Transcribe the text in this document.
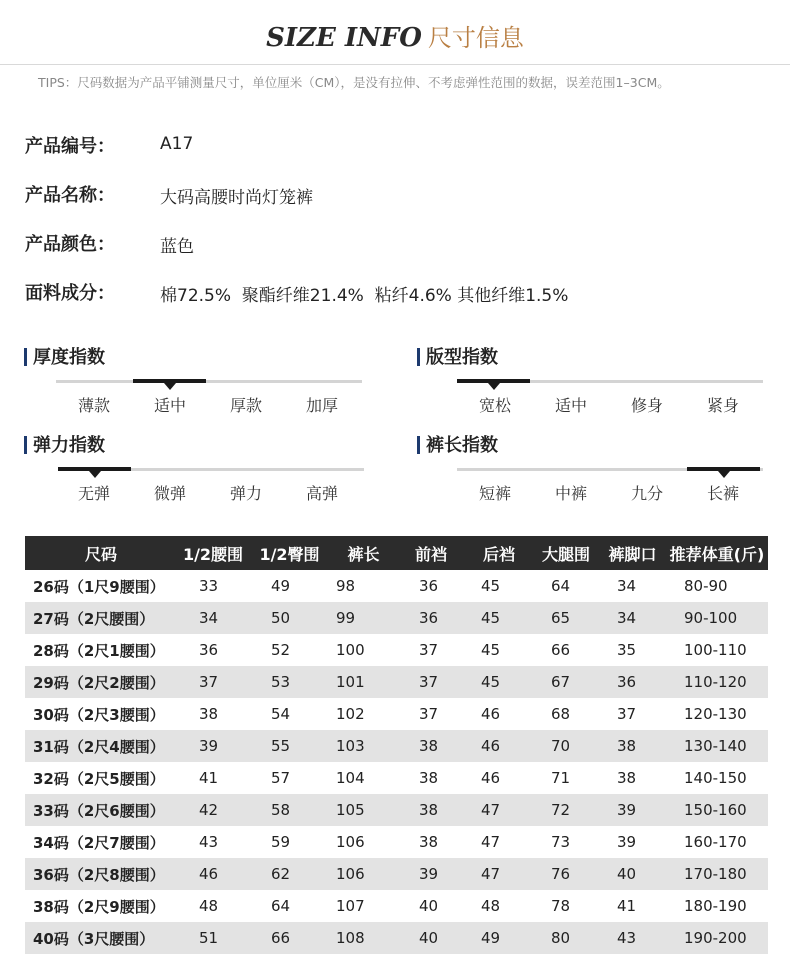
SIZE INFO 尺寸信息
TIPS：尺码数据为产品平铺测量尺寸，单位厘米（CM），是没有拉伸、不考虑弹性范围的数据，误差范围1–3CM。
产品编号：	A17
产品名称：	大码高腰时尚灯笼裤
产品颜色：	蓝色
面料成分：	棉72.5%  聚酯纤维21.4%  粘纤4.6% 其他纤维1.5%
厚度指数
薄款	适中	厚款	加厚
版型指数
宽松	适中	修身	紧身
弹力指数
无弹	微弹	弹力	高弹
裤长指数
短裤	中裤	九分	长裤
尺码	1/2腰围	1/2臀围	裤长	前裆	后裆	大腿围	裤脚口	推荐体重(斤)
26码（1尺9腰围）	33	49	98	36	45	64	34	80-90
27码（2尺腰围）	34	50	99	36	45	65	34	90-100
28码（2尺1腰围）	36	52	100	37	45	66	35	100-110
29码（2尺2腰围）	37	53	101	37	45	67	36	110-120
30码（2尺3腰围）	38	54	102	37	46	68	37	120-130
31码（2尺4腰围）	39	55	103	38	46	70	38	130-140
32码（2尺5腰围）	41	57	104	38	46	71	38	140-150
33码（2尺6腰围）	42	58	105	38	47	72	39	150-160
34码（2尺7腰围）	43	59	106	38	47	73	39	160-170
36码（2尺8腰围）	46	62	106	39	47	76	40	170-180
38码（2尺9腰围）	48	64	107	40	48	78	41	180-190
40码（3尺腰围）	51	66	108	40	49	80	43	190-200
